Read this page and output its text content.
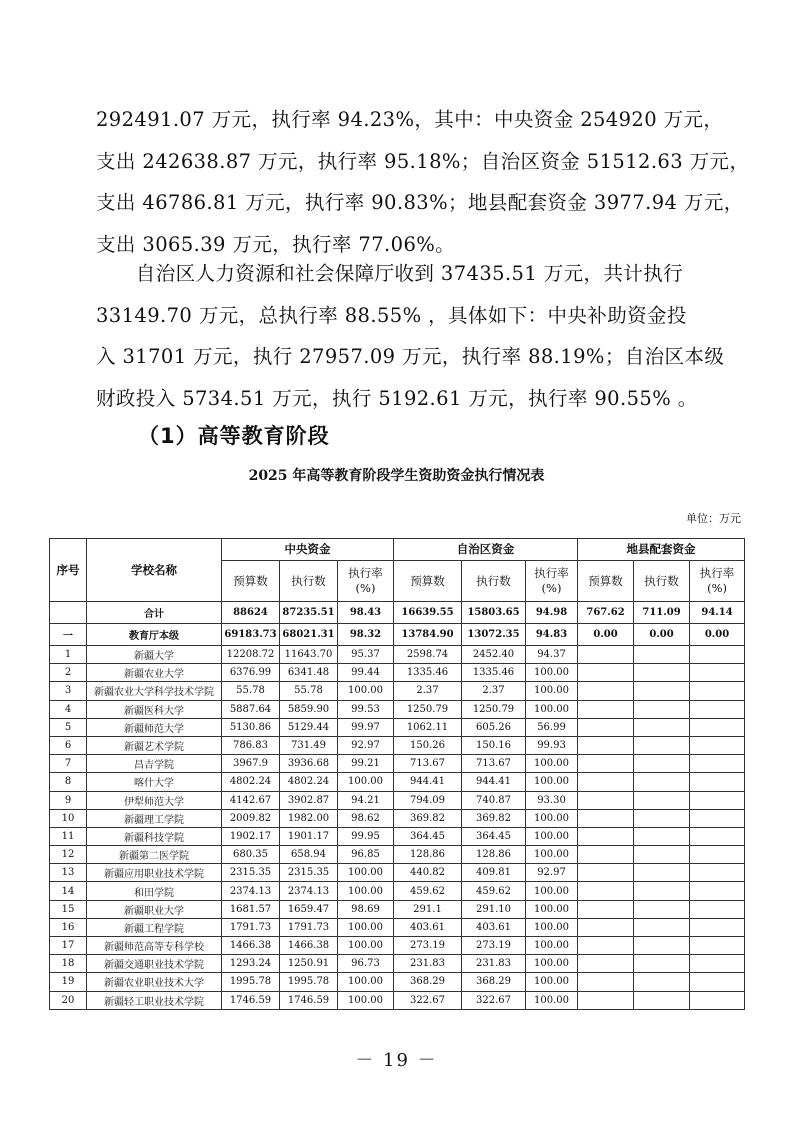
292491.07 万元，执行率 94.23%，其中：中央资金 254920 万元，
支出 242638.87 万元，执行率 95.18%；自治区资金 51512.63 万元，
支出 46786.81 万元，执行率 90.83%；地县配套资金 3977.94 万元，
支出 3065.39 万元，执行率 77.06%。
　　自治区人力资源和社会保障厅收到 37435.51 万元，共计执行
33149.70 万元，总执行率 88.55% ，具体如下：中央补助资金投
入 31701 万元，执行 27957.09 万元，执行率 88.19%；自治区本级
财政投入 5734.51 万元，执行 5192.61 万元，执行率 90.55% 。
（1）高等教育阶段
2025 年高等教育阶段学生资助资金执行情况表
单位：万元
序号	学校名称	中央资金			自治区资金			地县配套资金		
		预算数	执行数	执行率(%)	预算数	执行数	执行率(%)	预算数	执行数	执行率(%)
	合计	88624	87235.51	98.43	16639.55	15803.65	94.98	767.62	711.09	94.14
一	教育厅本级	69183.73	68021.31	98.32	13784.90	13072.35	94.83	0.00	0.00	0.00
1	新疆大学	12208.72	11643.70	95.37	2598.74	2452.40	94.37			
2	新疆农业大学	6376.99	6341.48	99.44	1335.46	1335.46	100.00			
3	新疆农业大学科学技术学院	55.78	55.78	100.00	2.37	2.37	100.00			
4	新疆医科大学	5887.64	5859.90	99.53	1250.79	1250.79	100.00			
5	新疆师范大学	5130.86	5129.44	99.97	1062.11	605.26	56.99			
6	新疆艺术学院	786.83	731.49	92.97	150.26	150.16	99.93			
7	昌吉学院	3967.9	3936.68	99.21	713.67	713.67	100.00			
8	喀什大学	4802.24	4802.24	100.00	944.41	944.41	100.00			
9	伊犁师范大学	4142.67	3902.87	94.21	794.09	740.87	93.30			
10	新疆理工学院	2009.82	1982.00	98.62	369.82	369.82	100.00			
11	新疆科技学院	1902.17	1901.17	99.95	364.45	364.45	100.00			
12	新疆第二医学院	680.35	658.94	96.85	128.86	128.86	100.00			
13	新疆应用职业技术学院	2315.35	2315.35	100.00	440.82	409.81	92.97			
14	和田学院	2374.13	2374.13	100.00	459.62	459.62	100.00			
15	新疆职业大学	1681.57	1659.47	98.69	291.1	291.10	100.00			
16	新疆工程学院	1791.73	1791.73	100.00	403.61	403.61	100.00			
17	新疆师范高等专科学校	1466.38	1466.38	100.00	273.19	273.19	100.00			
18	新疆交通职业技术学院	1293.24	1250.91	96.73	231.83	231.83	100.00			
19	新疆农业职业技术大学	1995.78	1995.78	100.00	368.29	368.29	100.00			
20	新疆轻工职业技术学院	1746.59	1746.59	100.00	322.67	322.67	100.00			
－ 19 －
